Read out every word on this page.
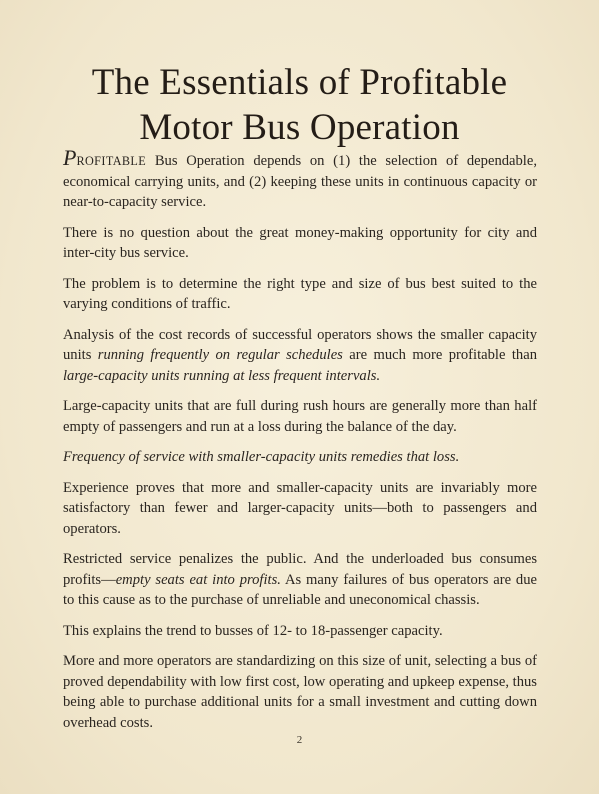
The Essentials of Profitable
Motor Bus Operation

PROFITABLE Bus Operation depends on (1) the selection of dependable, economical carrying units, and (2) keeping these units in continuous capacity or near-to-capacity service.

There is no question about the great money-making opportunity for city and inter-city bus service.

The problem is to determine the right type and size of bus best suited to the varying conditions of traffic.

Analysis of the cost records of successful operators shows the smaller capacity units running frequently on regular schedules are much more profitable than large-capacity units running at less frequent intervals.

Large-capacity units that are full during rush hours are generally more than half empty of passengers and run at a loss during the balance of the day.

Frequency of service with smaller-capacity units remedies that loss.

Experience proves that more and smaller-capacity units are invariably more satisfactory than fewer and larger-capacity units—both to passengers and operators.

Restricted service penalizes the public. And the underloaded bus consumes profits—empty seats eat into profits. As many failures of bus operators are due to this cause as to the purchase of unreliable and uneconomical chassis.

This explains the trend to busses of 12- to 18-passenger capacity.

More and more operators are standardizing on this size of unit, selecting a bus of proved dependability with low first cost, low operating and upkeep expense, thus being able to purchase additional units for a small investment and cutting down overhead costs.

2
